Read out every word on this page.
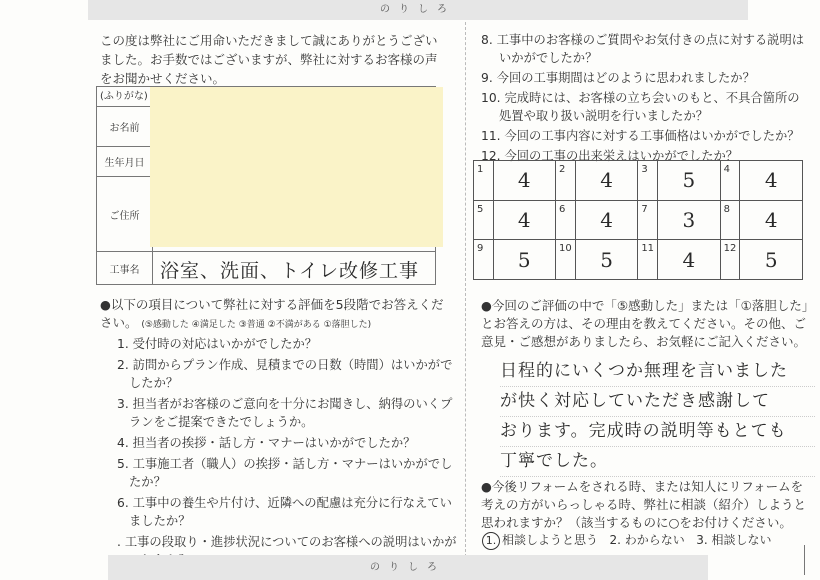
のりしろ
この度は弊社にご用命いただきまして誠にありがとうございました。お手数ではございますが、弊社に対するお客様の声をお聞かせください。
(ふりがな)	
お名前	
生年月日	
ご住所	
工事名	浴室、洗面、トイレ改修工事
●以下の項目について弊社に対する評価を5段階でお答えください。 (⑤感動した ④満足した ③普通 ②不満がある ①落胆した)
1. 受付時の対応はいかがでしたか？
2. 訪問からプラン作成、見積までの日数（時間）はいかがでしたか？
3. 担当者がお客様のご意向を十分にお聞きし、納得のいくプランをご提案できたでしょうか。
4. 担当者の挨拶・話し方・マナーはいかがでしたか？
5. 工事施工者（職人）の挨拶・話し方・マナーはいかがでしたか？
6. 工事中の養生や片付け、近隣への配慮は充分に行なえていましたか？
. 工事の段取り・進捗状況についてのお客様への説明はいかが
8. 工事中のお客様のご質問やお気付きの点に対する説明はいかがでしたか？
9. 今回の工事期間はどのように思われましたか？
10. 完成時には、お客様の立ち会いのもと、不具合箇所の処置や取り扱い説明を行いましたか？
11. 今回の工事内容に対する工事価格はいかがでしたか？
12. 今回の工事の出来栄えはいかがでしたか？
1	4	2	4	3	5	4	4
5	4	6	4	7	3	8	4
9	5	10	5	11	4	12	5
●今回のご評価の中で「⑤感動した」または「①落胆した」とお答えの方は、その理由を教えてください。その他、ご意見・ご感想がありましたら、お気軽にご記入ください。
日程的にいくつか無理を言いました
が快く対応していただき感謝して
おります。完成時の説明等もとても
丁寧でした。
●今後リフォームをされる時、または知人にリフォームを考えの方がいらっしゃる時、弊社に相談（紹介）しようと思われますか？（該当するものに○をお付けください。
1. 相談しようと思う 2. わからない 3. 相談しない
のりしろ
